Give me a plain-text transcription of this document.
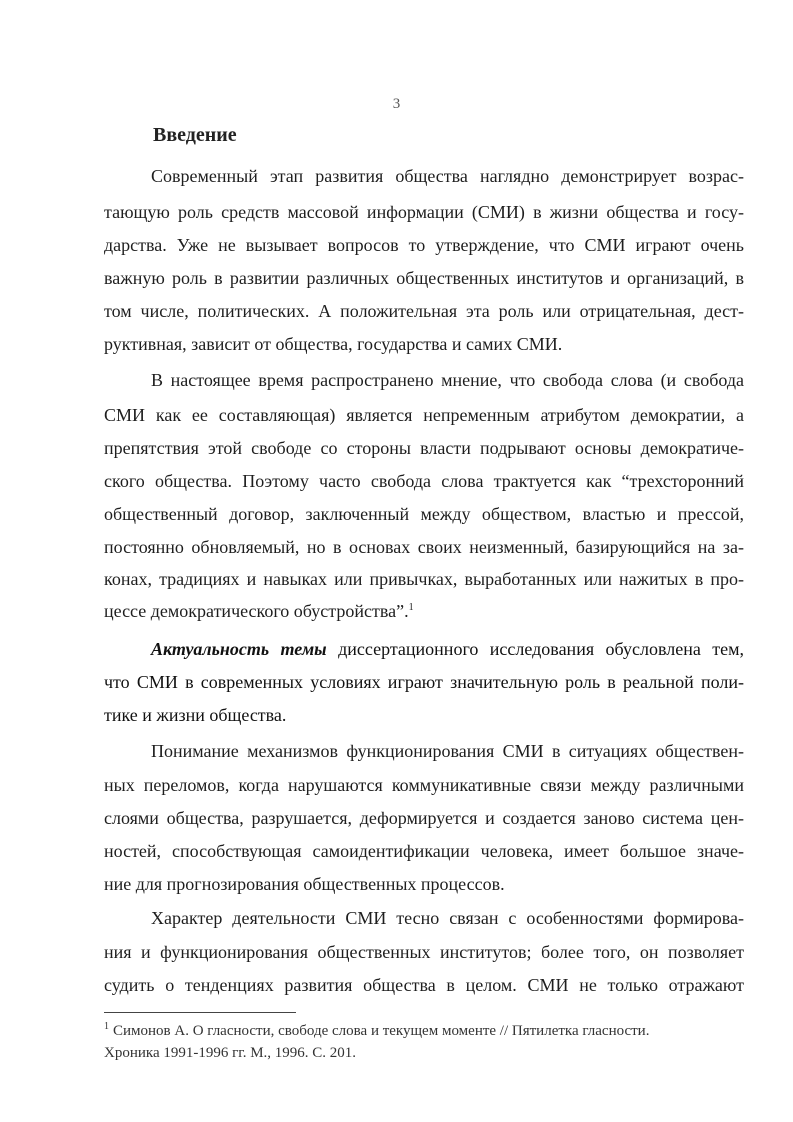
3
Введение

Современный этап развития общества наглядно демонстрирует возрас-

тающую роль средств массовой информации (СМИ) в жизни общества и госу-

дарства. Уже не вызывает вопросов то утверждение, что СМИ играют очень

важную роль в развитии различных общественных институтов и организаций, в

том числе, политических. А положительная эта роль или отрицательная, дест-

руктивная, зависит от общества, государства и самих СМИ.

В настоящее время распространено мнение, что свобода слова (и свобода

СМИ как ее составляющая) является непременным атрибутом демократии, а

препятствия этой свободе со стороны власти подрывают основы демократиче-

ского общества. Поэтому часто свобода слова трактуется как “трехсторонний

общественный договор, заключенный между обществом, властью и прессой,

постоянно обновляемый, но в основах своих неизменный, базирующийся на за-

конах, традициях и навыках или привычках, выработанных или нажитых в про-

цессе демократического обустройства”.$^1$

Актуальность темы диссертационного исследования обусловлена тем,

что СМИ в современных условиях играют значительную роль в реальной поли-

тике и жизни общества.

Понимание механизмов функционирования СМИ в ситуациях обществен-

ных переломов, когда нарушаются коммуникативные связи между различными

слоями общества, разрушается, деформируется и создается заново система цен-

ностей, способствующая самоидентификации человека, имеет большое значе-

ние для прогнозирования общественных процессов.

Характер деятельности СМИ тесно связан с особенностями формирова-

ния и функционирования общественных институтов; более того, он позволяет

судить о тенденциях развития общества в целом. СМИ не только отражают

$^1$ Симонов А. О гласности, свободе слова и текущем моменте // Пятилетка гласности.
Хроника 1991-1996 гг. М., 1996. С. 201.
